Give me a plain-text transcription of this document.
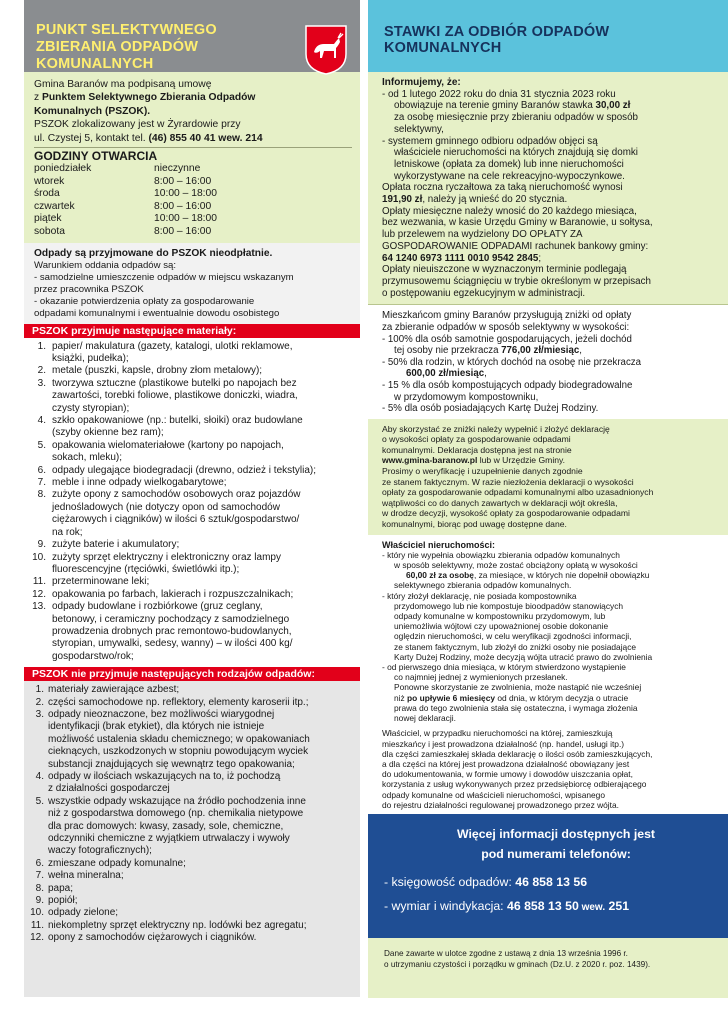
PUNKT SELEKTYWNEGO ZBIERANIA ODPADÓW KOMUNALNYCH
Gmina Baranów ma podpisaną umowę
z Punktem Selektywnego Zbierania Odpadów
Komunalnych (PSZOK).
PSZOK zlokalizowany jest w Żyrardowie przy
ul. Czystej 5, kontakt tel. (46) 855 40 41 wew. 214
GODZINY OTWARCIA
poniedziałek	nieczynne
wtorek	8:00 – 16:00
środa	10:00 – 18:00
czwartek	8:00 – 16:00
piątek	10:00 – 18:00
sobota	8:00 – 16:00
Odpady są przyjmowane do PSZOK nieodpłatnie.
Warunkiem oddania odpadów są:
- samodzielne umieszczenie odpadów w miejscu wskazanym
przez pracownika PSZOK
- okazanie potwierdzenia opłaty za gospodarowanie
odpadami komunalnymi i ewentualnie dowodu osobistego
PSZOK przyjmuje następujące materiały:
1. papier/ makulatura (gazety, katalogi, ulotki reklamowe,
książki, pudełka);
2. metale (puszki, kapsle, drobny złom metalowy);
3. tworzywa sztuczne (plastikowe butelki po napojach bez
zawartości, torebki foliowe, plastikowe doniczki, wiadra,
czysty styropian);
4. szkło opakowaniowe (np.: butelki, słoiki) oraz budowlane
(szyby okienne bez ram);
5. opakowania wielomateriałowe (kartony po napojach,
sokach, mleku);
6. odpady ulegające biodegradacji (drewno, odzież i tekstylia);
7. meble i inne odpady wielkogabarytowe;
8. zużyte opony z samochodów osobowych oraz pojazdów
jednośladowych (nie dotyczy opon od samochodów
ciężarowych i ciągników) w ilości 6 sztuk/gospodarstwo/
na rok;
9. zużyte baterie i akumulatory;
10. zużyty sprzęt elektryczny i elektroniczny oraz lampy
fluorescencyjne (rtęciówki, świetlówki itp.);
11. przeterminowane leki;
12. opakowania po farbach, lakierach i rozpuszczalnikach;
13. odpady budowlane i rozbiórkowe (gruz ceglany,
betonowy, i ceramiczny pochodzący z samodzielnego
prowadzenia drobnych prac remontowo-budowlanych,
styropian, umywalki, sedesy, wanny) – w ilości 400 kg/
gospodarstwo/rok;
PSZOK nie przyjmuje następujących rodzajów odpadów:
1. materiały zawierające azbest;
2. części samochodowe np. reflektory, elementy karoserii itp.;
3. odpady nieoznaczone, bez możliwości wiarygodnej
identyfikacji (brak etykiet), dla których nie istnieje
możliwość ustalenia składu chemicznego; w opakowaniach
cieknących, uszkodzonych w stopniu powodującym wyciek
substancji znajdujących się wewnątrz tego opakowania;
4. odpady w ilościach wskazujących na to, iż pochodzą
z działalności gospodarczej
5. wszystkie odpady wskazujące na źródło pochodzenia inne
niż z gospodarstwa domowego (np. chemikalia nietypowe
dla prac domowych: kwasy, zasady, sole, chemiczne,
odczynniki chemiczne z wyjątkiem utrwalaczy i wywoły
waczy fotograficznych);
6. zmieszane odpady komunalne;
7. wełna mineralna;
8. papa;
9. popiół;
10. odpady zielone;
11. niekompletny sprzęt elektryczny np. lodówki bez agregatu;
12. opony z samochodów ciężarowych i ciągników.
STAWKI ZA ODBIÓR ODPADÓW KOMUNALNYCH
Informujemy, że:
- od 1 lutego 2022 roku do dnia 31 stycznia 2023 roku
obowiązuje na terenie gminy Baranów stawka 30,00 zł
za osobę miesięcznie przy zbieraniu odpadów w sposób
selektywny,
- systemem gminnego odbioru odpadów objęci są
właściciele nieruchomości na których znajdują się domki
letniskowe (opłata za domek) lub inne nieruchomości
wykorzystywane na cele rekreacyjno-wypoczynkowe.
Opłata roczna ryczałtowa za taką nieruchomość wynosi
191,90 zł, należy ją wnieść do 20 stycznia.
Opłaty miesięczne należy wnosić do 20 każdego miesiąca,
bez wezwania, w kasie Urzędu Gminy w Baranowie, u sołtysa,
lub przelewem na wydzielony DO OPŁATY ZA
GOSPODAROWANIE ODPADAMI rachunek bankowy gminy:
64 1240 6973 1111 0010 9542 2845;
Opłaty nieuiszczone w wyznaczonym terminie podlegają
przymusowemu ściągnięciu w trybie określonym w przepisach
o postępowaniu egzekucyjnym w administracji.
Mieszkańcom gminy Baranów przysługują zniżki od opłaty
za zbieranie odpadów w sposób selektywny w wysokości:
- 100% dla osób samotnie gospodarujących, jeżeli dochód
tej osoby nie przekracza 776,00 zł/miesiąc,
- 50% dla rodzin, w których dochód na osobę nie przekracza
600,00 zł/miesiąc,
- 15 % dla osób kompostujących odpady biodegradowalne
w przydomowym kompostowniku,
- 5% dla osób posiadających Kartę Dużej Rodziny.
Aby skorzystać ze zniżki należy wypełnić i złożyć deklarację
o wysokości opłaty za gospodarowanie odpadami
komunalnymi. Deklaracja dostępna jest na stronie
www.gmina-baranow.pl lub w Urzędzie Gminy.
Prosimy o weryfikację i uzupełnienie danych zgodnie
ze stanem faktycznym. W razie niezłożenia deklaracji o wysokości
opłaty za gospodarowanie odpadami komunalnymi albo uzasadnionych
wątpliwości co do danych zawartych w deklaracji wójt określa,
w drodze decyzji, wysokość opłaty za gospodarowanie odpadami
komunalnymi, biorąc pod uwagę dostępne dane.
Właściciel nieruchomości:
- który nie wypełnia obowiązku zbierania odpadów komunalnych
w sposób selektywny, może zostać obciążony opłatą w wysokości
60,00 zł za osobę, za miesiące, w których nie dopełnił obowiązku
selektywnego zbierania odpadów komunalnych.
- który złożył deklarację, nie posiada kompostownika
przydomowego lub nie kompostuje bioodpadów stanowiących
odpady komunalne w kompostowniku przydomowym, lub
uniemożliwia wójtowi czy upoważnionej osobie dokonanie
oględzin nieruchomości, w celu weryfikacji zgodności informacji,
ze stanem faktycznym, lub złożył do zniżki osoby nie posiadające
Karty Dużej Rodziny, może decyzją wójta utracić prawo do zwolnienia
- od pierwszego dnia miesiąca, w którym stwierdzono wystąpienie
co najmniej jednej z wymienionych przesłanek.
Ponowne skorzystanie ze zwolnienia, może nastąpić nie wcześniej
niż po upływie 6 miesięcy od dnia, w którym decyzja o utracie
prawa do tego zwolnienia stała się ostateczna, i wymaga złożenia
nowej deklaracji.
Właściciel, w przypadku nieruchomości na której, zamieszkują
mieszkańcy i jest prowadzona działalność (np. handel, usługi itp.)
dla części zamieszkałej składa deklarację o ilości osób zamieszkujących,
a dla części na której jest prowadzona działalność obowiązany jest
do udokumentowania, w formie umowy i dowodów uiszczania opłat,
korzystania z usług wykonywanych przez przedsiębiorcę odbierającego
odpady komunalne od właścicieli nieruchomości, wpisanego
do rejestru działalności regulowanej prowadzonego przez wójta.
Więcej informacji dostępnych jest
pod numerami telefonów:
- księgowość odpadów: 46 858 13 56
- wymiar i windykacja: 46 858 13 50 wew. 251
Dane zawarte w ulotce zgodne z ustawą z dnia 13 września 1996 r.
o utrzymaniu czystości i porządku w gminach (Dz.U. z 2020 r. poz. 1439).
